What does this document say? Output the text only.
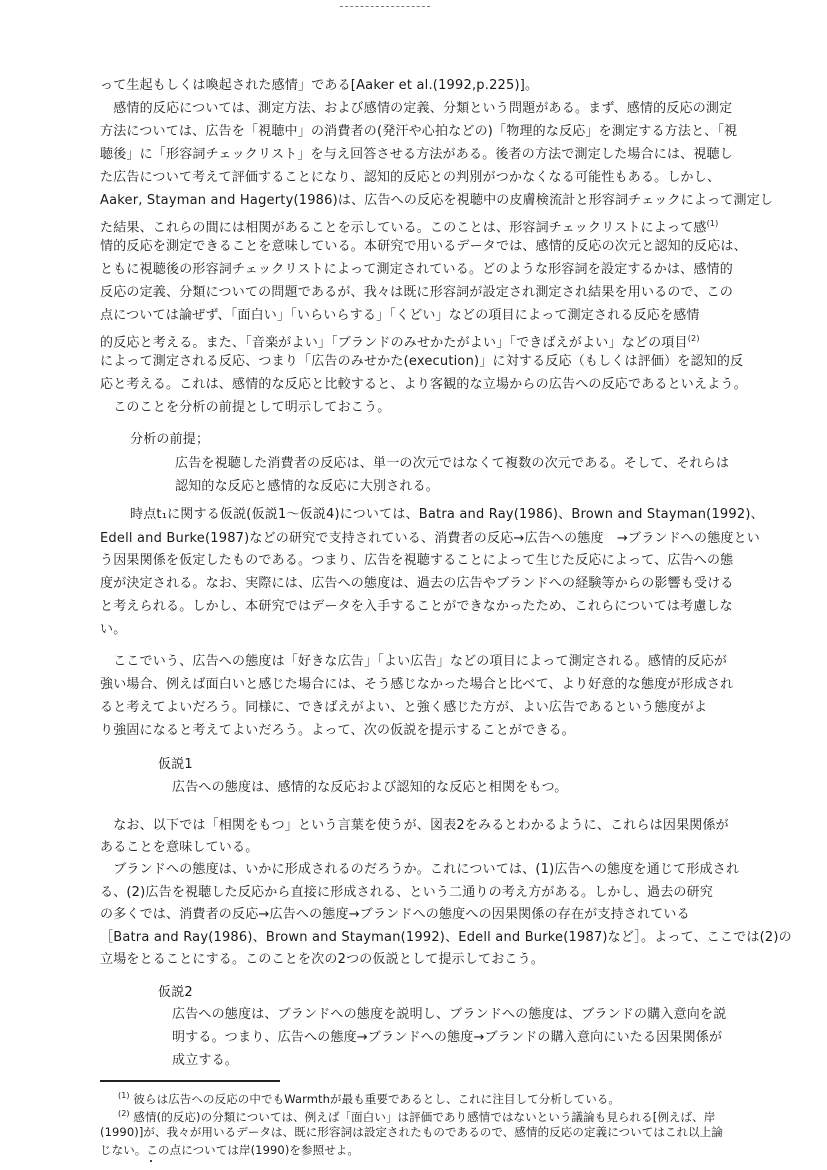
って生起もしくは喚起された感情」である[Aaker et al.(1992,p.225)]。
　感情的反応については、測定方法、および感情の定義、分類という問題がある。まず、感情的反応の測定
方法については、広告を「視聴中」の消費者の(発汗や心拍などの)「物理的な反応」を測定する方法と、「視
聴後」に「形容詞チェックリスト」を与え回答させる方法がある。後者の方法で測定した場合には、視聴し
た広告について考えて評価することになり、認知的反応との判別がつかなくなる可能性もある。しかし、
Aaker, Stayman and Hagerty(1986)は、広告への反応を視聴中の皮膚検流計と形容詞チェックによって測定し
た結果、これらの間には相関があることを示している。このことは、形容詞チェックリストによって感$^{(1)}$
情的反応を測定できることを意味している。本研究で用いるデータでは、感情的反応の次元と認知的反応は、
ともに視聴後の形容詞チェックリストによって測定されている。どのような形容詞を設定するかは、感情的
反応の定義、分類についての問題であるが、我々は既に形容詞が設定され測定され結果を用いるので、この
点については論ぜず、「面白い」「いらいらする」「くどい」などの項目によって測定される反応を感情
的反応と考える。また、「音楽がよい」「ブランドのみせかたがよい」「できばえがよい」などの項目$^{(2)}$
によって測定される反応、つまり「広告のみせかた(execution)」に対する反応（もしくは評価）を認知的反
応と考える。これは、感情的な反応と比較すると、より客観的な立場からの広告への反応であるといえよう。
　このことを分析の前提として明示しておこう。
分析の前提；
広告を視聴した消費者の反応は、単一の次元ではなくて複数の次元である。そして、それらは
認知的な反応と感情的な反応に大別される。
時点t₁に関する仮説(仮説1～仮説4)については、Batra and Ray(1986)、Brown and Stayman(1992)、
Edell and Burke(1987)などの研究で支持されている、消費者の反応→広告への態度　→ブランドへの態度とい
う因果関係を仮定したものである。つまり、広告を視聴することによって生じた反応によって、広告への態
度が決定される。なお、実際には、広告への態度は、過去の広告やブランドへの経験等からの影響も受ける
と考えられる。しかし、本研究ではデータを入手することができなかったため、これらについては考慮しな
い。
　ここでいう、広告への態度は「好きな広告」「よい広告」などの項目によって測定される。感情的反応が
強い場合、例えば面白いと感じた場合には、そう感じなかった場合と比べて、より好意的な態度が形成され
ると考えてよいだろう。同様に、できばえがよい、と強く感じた方が、よい広告であるという態度がよ
り強固になると考えてよいだろう。よって、次の仮説を提示することができる。
仮説1
広告への態度は、感情的な反応および認知的な反応と相関をもつ。
　なお、以下では「相関をもつ」という言葉を使うが、図表2をみるとわかるように、これらは因果関係が
あることを意味している。
　ブランドへの態度は、いかに形成されるのだろうか。これについては、(1)広告への態度を通じて形成され
る、(2)広告を視聴した反応から直接に形成される、という二通りの考え方がある。しかし、過去の研究
の多くでは、消費者の反応→広告への態度→ブランドへの態度への因果関係の存在が支持されている
［Batra and Ray(1986)、Brown and Stayman(1992)、Edell and Burke(1987)など］。よって、ここでは(2)の
立場をとることにする。このことを次の2つの仮説として提示しておこう。
仮説2
広告への態度は、ブランドへの態度を説明し、ブランドへの態度は、ブランドの購入意向を説
明する。つまり、広告への態度→ブランドへの態度→ブランドの購入意向にいたる因果関係が
成立する。
$^{(1)}$ 彼らは広告への反応の中でもWarmthが最も重要であるとし、これに注目して分析している。
$^{(2)}$ 感情(的反応)の分類については、例えば「面白い」は評価であり感情ではないという議論も見られる[例えば、岸
(1990)]が、我々が用いるデータは、既に形容詞は設定されたものであるので、感情的反応の定義についてはこれ以上論
じない。この点については岸(1990)を参照せよ。
